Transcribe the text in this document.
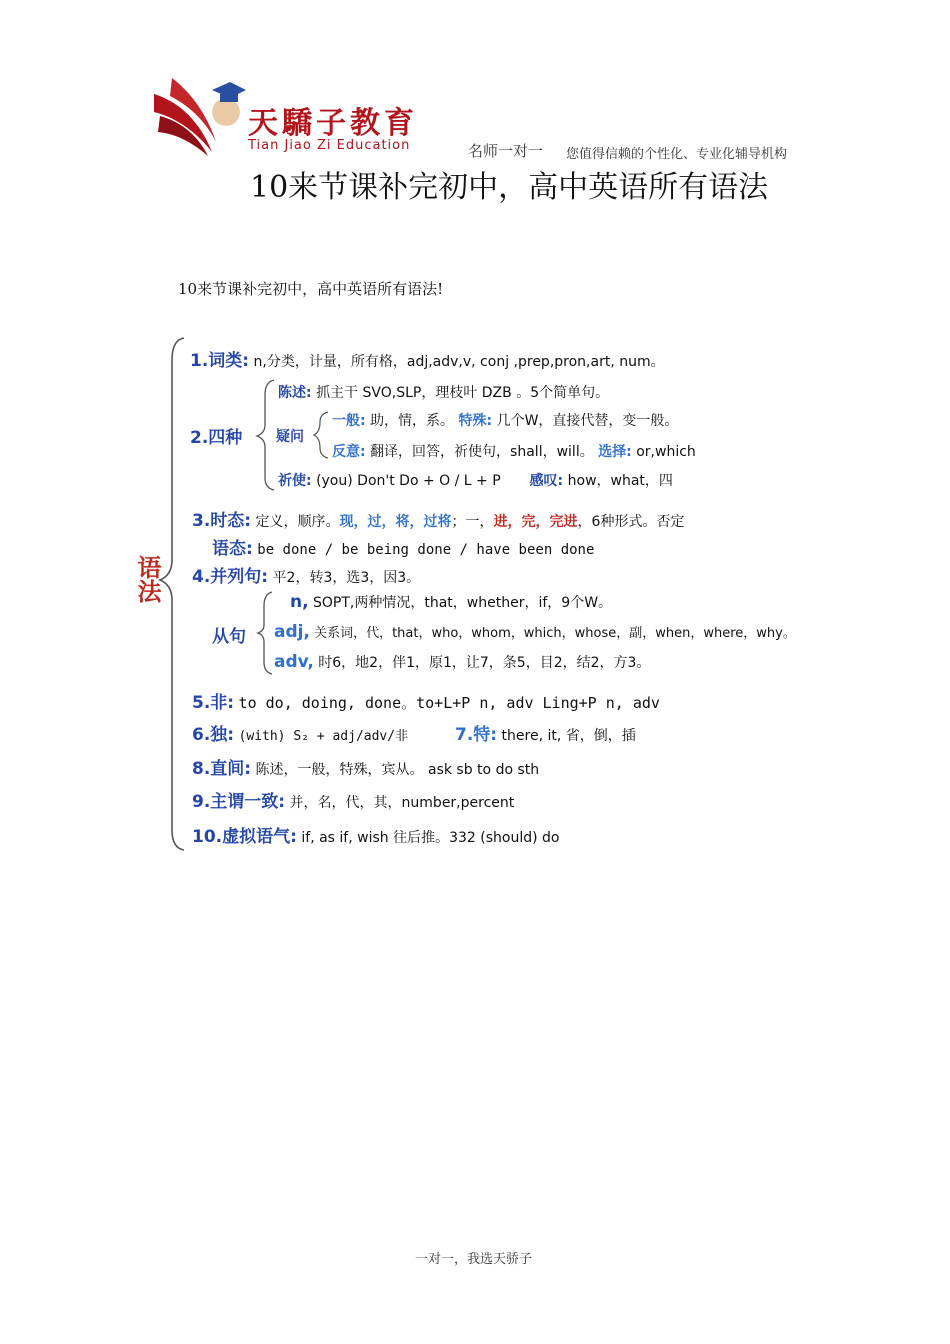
天驕子教育
Tian Jiao Zi Education	名师一对一 您值得信赖的个性化、专业化辅导机构
10来节课补完初中，高中英语所有语法
10来节课补完初中，高中英语所有语法!
语法
1.词类: n,分类，计量，所有格，adj,adv,v, conj ,prep,pron,art, num。
2.四种
陈述: 抓主干 SVO,SLP，理枝叶 DZB 。5个简单句。
疑问
一般: 助，情，系。 特殊: 几个W，直接代替，变一般。
反意: 翻译，回答，祈使句，shall，will。 选择: or,which
祈使: (you) Don't Do + O / L + P 感叹: how，what，四
3.时态: 定义，顺序。现，过，将，过将；一，进，完，完进，6种形式。否定
语态: be done / be being done / have been done
4.并列句: 平2，转3，选3，因3。
从句
n, SOPT,两种情况，that，whether，if，9个W。
adj, 关系词，代，that，who，whom，which，whose，副，when，where，why。
adv, 时6，地2，伴1，原1，让7，条5，目2，结2，方3。
5.非: to do, doing, done。to+L+P n, adv Ling+P n, adv
6.独: (with) S₂ + adj/adv/非	7.特: there, it, 省，倒，插
8.直间: 陈述，一般，特殊，宾从。 ask sb to do sth
9.主谓一致: 并，名，代，其，number,percent
10.虚拟语气: if, as if, wish 往后推。332 (should) do
一对一，我选天骄子
